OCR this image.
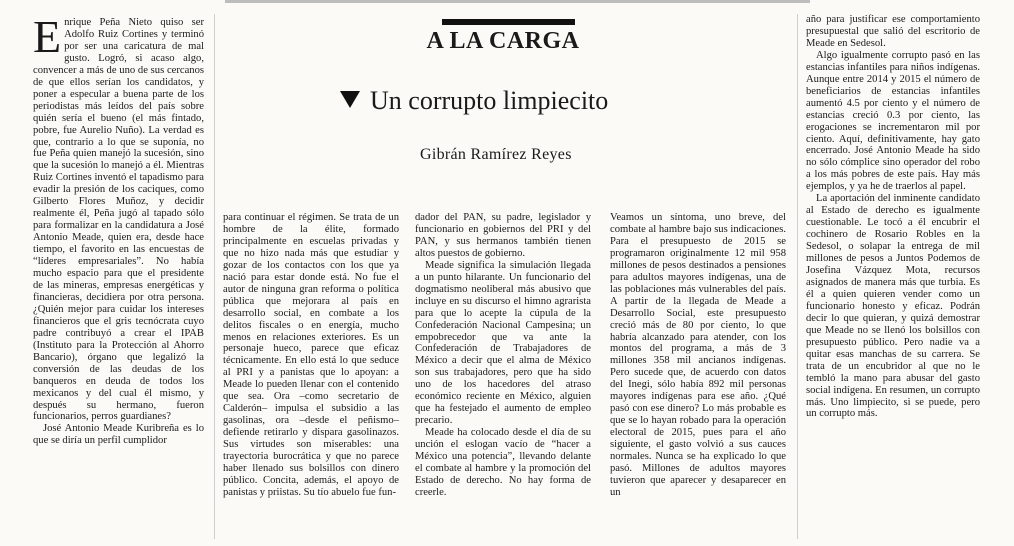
A LA CARGA
Un corrupto limpiecito
Gibrán Ramírez Reyes

Enrique Peña Nieto quiso ser Adolfo Ruiz Cortines y terminó por ser una caricatura de mal gusto. Logró, si acaso algo, convencer a más de uno de sus cercanos de que ellos serían los candidatos, y poner a especular a buena parte de los periodistas más leídos del país sobre quién sería el bueno (el más fintado, pobre, fue Aurelio Nuño). La verdad es que, contrario a lo que se suponía, no fue Peña quien manejó la sucesión, sino que la sucesión lo manejó a él. Mientras Ruiz Cortines inventó el tapadismo para evadir la presión de los caciques, como Gilberto Flores Muñoz, y decidir realmente él, Peña jugó al tapado sólo para formalizar en la candidatura a José Antonio Meade, quien era, desde hace tiempo, el favorito en las encuestas de “líderes empresariales”. No había mucho espacio para que el presidente de las mineras, empresas energéticas y financieras, decidiera por otra persona. ¿Quién mejor para cuidar los intereses financieros que el gris tecnócrata cuyo padre contribuyó a crear el IPAB (Instituto para la Protección al Ahorro Bancario), órgano que legalizó la conversión de las deudas de los banqueros en deuda de todos los mexicanos y del cual él mismo, y después su hermano, fueron funcionarios, perros guardianes?

José Antonio Meade Kuribreña es lo que se diría un perfil cumplidor

para continuar el régimen. Se trata de un hombre de la élite, formado principalmente en escuelas privadas y que no hizo nada más que estudiar y gozar de los contactos con los que ya nació para estar donde está. No fue el autor de ninguna gran reforma o política pública que mejorara al país en desarrollo social, en combate a los delitos fiscales o en energía, mucho menos en relaciones exteriores. Es un personaje hueco, parece que eficaz técnicamente. En ello está lo que seduce al PRI y a panistas que lo apoyan: a Meade lo pueden llenar con el contenido que sea. Ora –como secretario de Calderón– impulsa el subsidio a las gasolinas, ora –desde el peñismo– defiende retirarlo y dispara gasolinazos. Sus virtudes son miserables: una trayectoria burocrática y que no parece haber llenado sus bolsillos con dinero público. Concita, además, el apoyo de panistas y priistas. Su tío abuelo fue fun-

dador del PAN, su padre, legislador y funcionario en gobiernos del PRI y del PAN, y sus hermanos también tienen altos puestos de gobierno.

Meade significa la simulación llegada a un punto hilarante. Un funcionario del dogmatismo neoliberal más abusivo que incluye en su discurso el himno agrarista para que lo acepte la cúpula de la Confederación Nacional Campesina; un empobrecedor que va ante la Confederación de Trabajadores de México a decir que el alma de México son sus trabajadores, pero que ha sido uno de los hacedores del atraso económico reciente en México, alguien que ha festejado el aumento de empleo precario.

Meade ha colocado desde el día de su unción el eslogan vacío de “hacer a México una potencia”, llevando delante el combate al hambre y la promoción del Estado de derecho. No hay forma de creerle.

Veamos un síntoma, uno breve, del combate al hambre bajo sus indicaciones. Para el presupuesto de 2015 se programaron originalmente 12 mil 958 millones de pesos destinados a pensiones para adultos mayores indígenas, una de las poblaciones más vulnerables del país. A partir de la llegada de Meade a Desarrollo Social, este presupuesto creció más de 80 por ciento, lo que habría alcanzado para atender, con los montos del programa, a más de 3 millones 358 mil ancianos indígenas. Pero sucede que, de acuerdo con datos del Inegi, sólo había 892 mil personas mayores indígenas para ese año. ¿Qué pasó con ese dinero? Lo más probable es que se lo hayan robado para la operación electoral de 2015, pues para el año siguiente, el gasto volvió a sus cauces normales. Nunca se ha explicado lo que pasó. Millones de adultos mayores tuvieron que aparecer y desaparecer en un

año para justificar ese comportamiento presupuestal que salió del escritorio de Meade en Sedesol.

Algo igualmente corrupto pasó en las estancias infantiles para niños indígenas. Aunque entre 2014 y 2015 el número de beneficiarios de estancias infantiles aumentó 4.5 por ciento y el número de estancias creció 0.3 por ciento, las erogaciones se incrementaron mil por ciento. Aquí, definitivamente, hay gato encerrado. José Antonio Meade ha sido no sólo cómplice sino operador del robo a los más pobres de este país. Hay más ejemplos, y ya he de traerlos al papel.

La aportación del inminente candidato al Estado de derecho es igualmente cuestionable. Le tocó a él encubrir el cochinero de Rosario Robles en la Sedesol, o solapar la entrega de mil millones de pesos a Juntos Podemos de Josefina Vázquez Mota, recursos asignados de manera más que turbia. Es él a quien quieren vender como un funcionario honesto y eficaz. Podrán decir lo que quieran, y quizá demostrar que Meade no se llenó los bolsillos con presupuesto público. Pero nadie va a quitar esas manchas de su carrera. Se trata de un encubridor al que no le tembló la mano para abusar del gasto social indígena. En resumen, un corrupto más. Uno limpiecito, si se puede, pero un corrupto más.
